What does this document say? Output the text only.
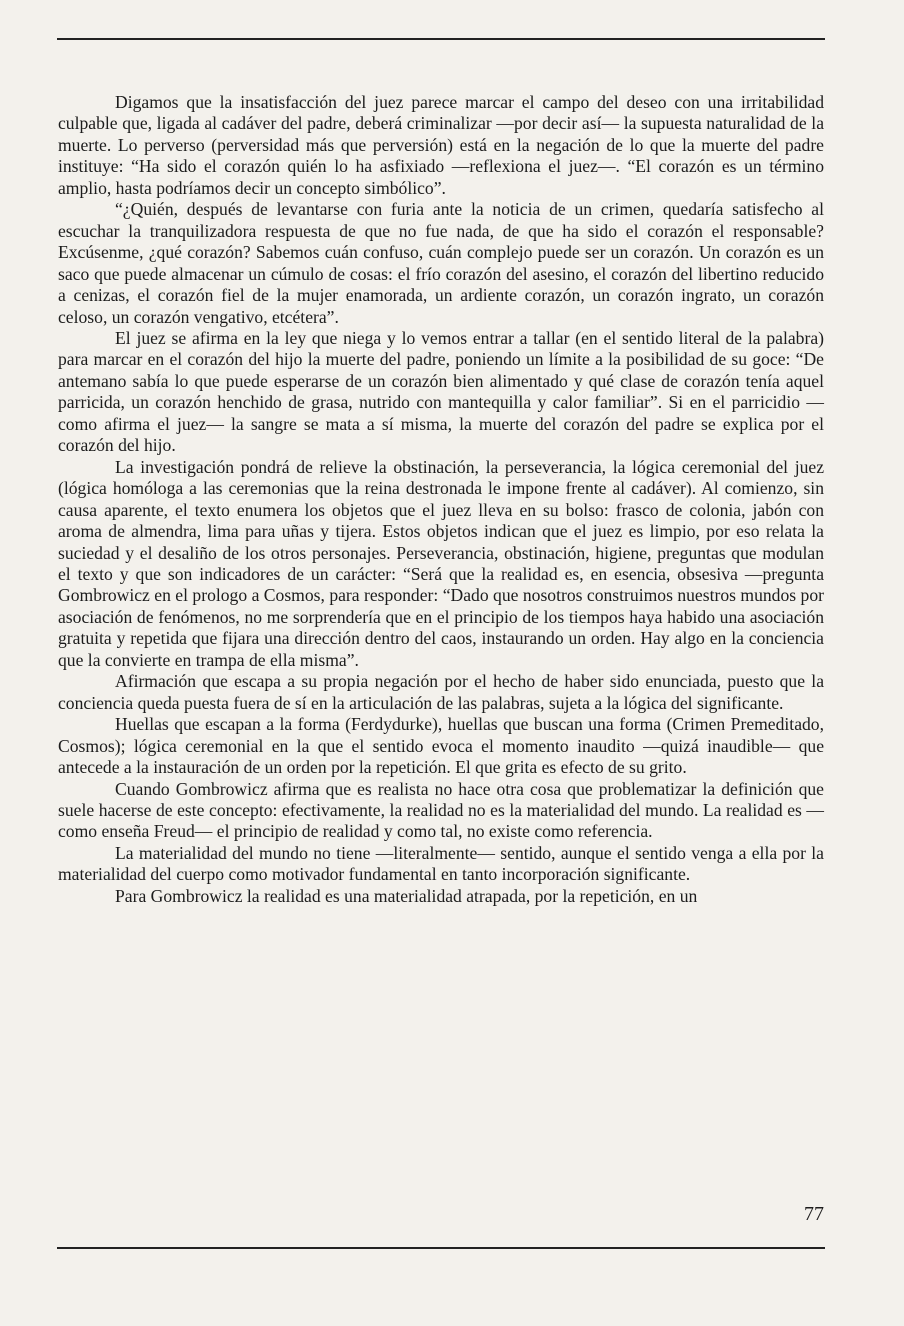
Digamos que la insatisfacción del juez parece marcar el campo del deseo con una irritabilidad culpable que, ligada al cadáver del padre, deberá criminalizar —por decir así— la supuesta naturalidad de la muerte. Lo perverso (perversidad más que perversión) está en la negación de lo que la muerte del padre instituye: “Ha sido el corazón quién lo ha asfixiado —reflexiona el juez—. “El corazón es un término amplio, hasta podríamos decir un concepto simbólico”.

“¿Quién, después de levantarse con furia ante la noticia de un crimen, quedaría satisfecho al escuchar la tranquilizadora respuesta de que no fue nada, de que ha sido el corazón el responsable? Excúsenme, ¿qué corazón? Sabemos cuán confuso, cuán complejo puede ser un corazón. Un corazón es un saco que puede almacenar un cúmulo de cosas: el frío corazón del asesino, el corazón del libertino reducido a cenizas, el corazón fiel de la mujer enamorada, un ardiente corazón, un corazón ingrato, un corazón celoso, un corazón vengativo, etcétera”.

El juez se afirma en la ley que niega y lo vemos entrar a tallar (en el sentido literal de la palabra) para marcar en el corazón del hijo la muerte del padre, poniendo un límite a la posibilidad de su goce: “De antemano sabía lo que puede esperarse de un corazón bien alimentado y qué clase de corazón tenía aquel parricida, un corazón henchido de grasa, nutrido con mantequilla y calor familiar”. Si en el parricidio —como afirma el juez— la sangre se mata a sí misma, la muerte del corazón del padre se explica por el corazón del hijo.

La investigación pondrá de relieve la obstinación, la perseverancia, la lógica ceremonial del juez (lógica homóloga a las ceremonias que la reina destronada le impone frente al cadáver). Al comienzo, sin causa aparente, el texto enumera los objetos que el juez lleva en su bolso: frasco de colonia, jabón con aroma de almendra, lima para uñas y tijera. Estos objetos indican que el juez es limpio, por eso relata la suciedad y el desaliño de los otros personajes. Perseverancia, obstinación, higiene, preguntas que modulan el texto y que son indicadores de un carácter: “Será que la realidad es, en esencia, obsesiva —pregunta Gombrowicz en el prologo a Cosmos, para responder: “Dado que nosotros construimos nuestros mundos por asociación de fenómenos, no me sorprendería que en el principio de los tiempos haya habido una asociación gratuita y repetida que fijara una dirección dentro del caos, instaurando un orden. Hay algo en la conciencia que la convierte en trampa de ella misma”.

Afirmación que escapa a su propia negación por el hecho de haber sido enunciada, puesto que la conciencia queda puesta fuera de sí en la articulación de las palabras, sujeta a la lógica del significante.

Huellas que escapan a la forma (Ferdydurke), huellas que buscan una forma (Crimen Premeditado, Cosmos); lógica ceremonial en la que el sentido evoca el momento inaudito —quizá inaudible— que antecede a la instauración de un orden por la repetición. El que grita es efecto de su grito.

Cuando Gombrowicz afirma que es realista no hace otra cosa que problematizar la definición que suele hacerse de este concepto: efectivamente, la realidad no es la materialidad del mundo. La realidad es —como enseña Freud— el principio de realidad y como tal, no existe como referencia.

La materialidad del mundo no tiene —literalmente— sentido, aunque el sentido venga a ella por la materialidad del cuerpo como motivador fundamental en tanto incorporación significante.

Para Gombrowicz la realidad es una materialidad atrapada, por la repetición, en un

77
